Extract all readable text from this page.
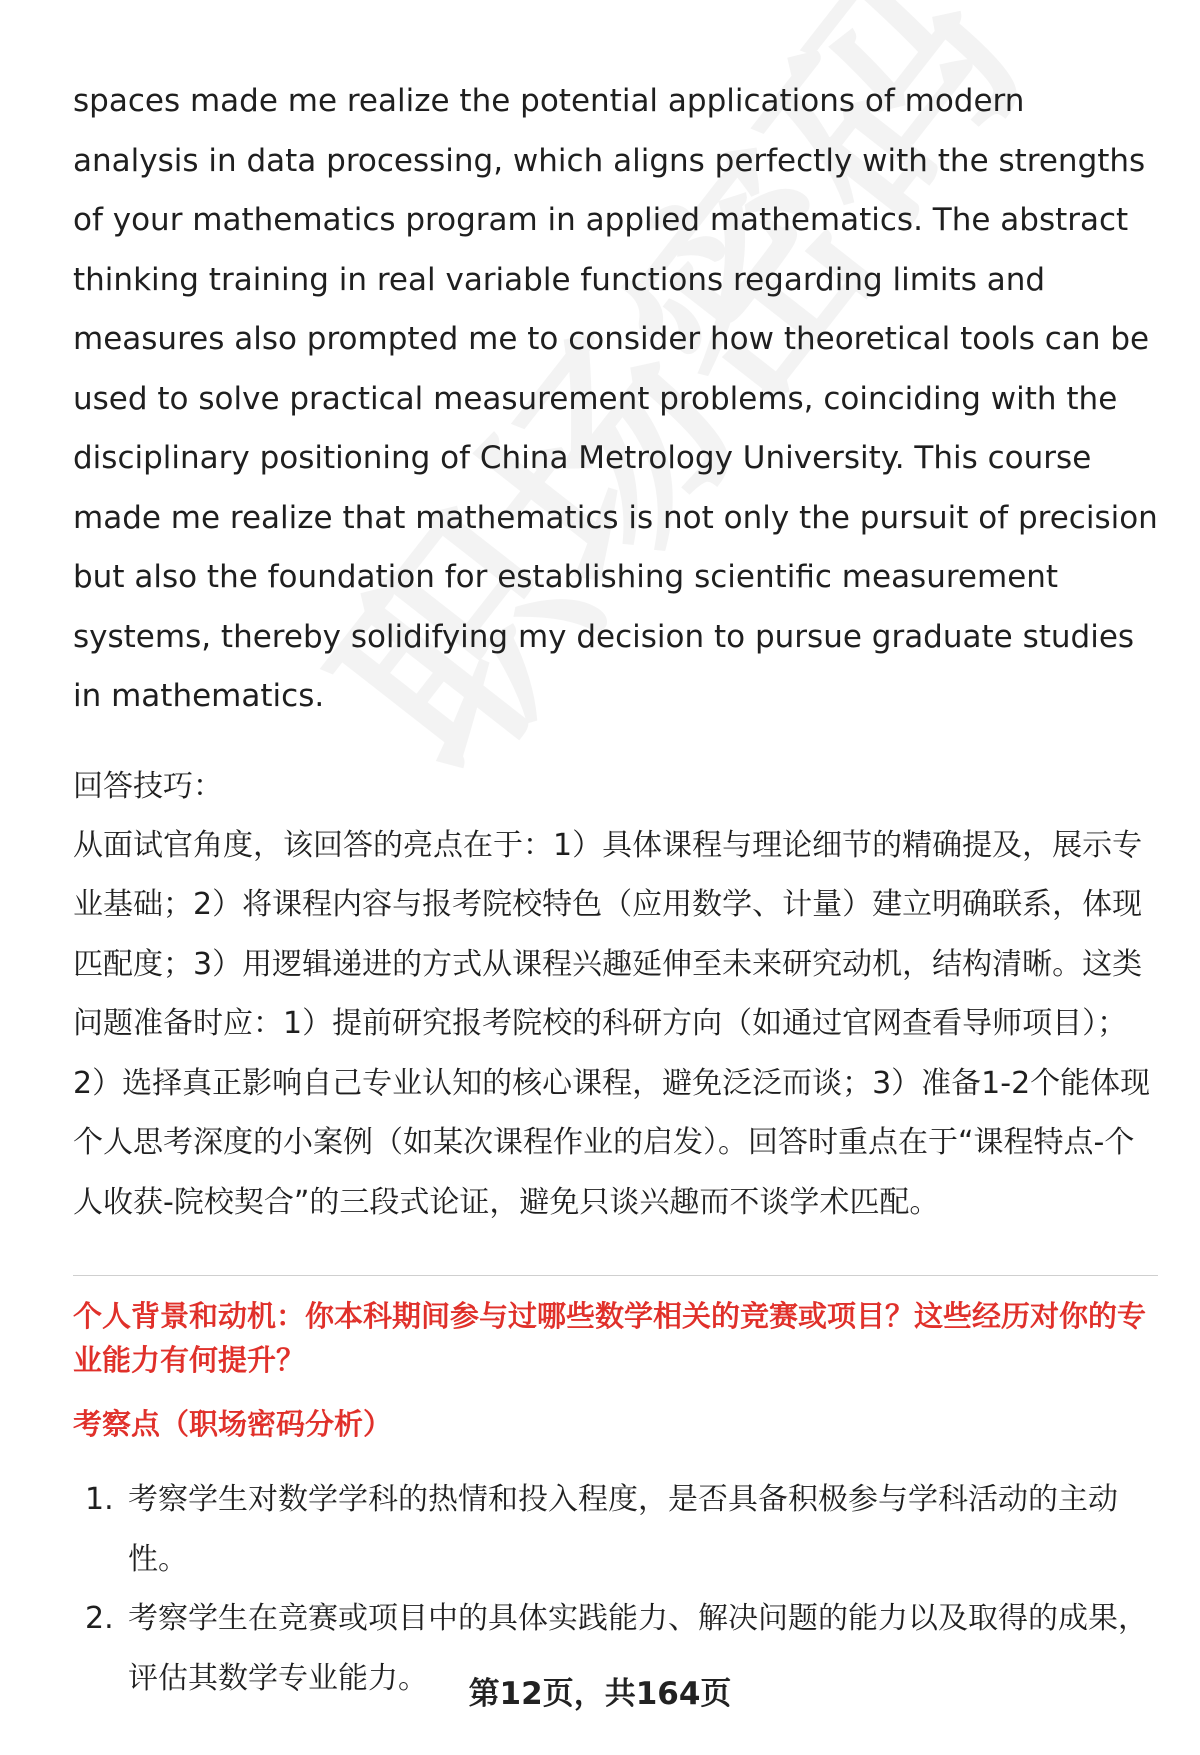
spaces made me realize the potential applications of modern analysis in data processing, which aligns perfectly with the strengths of your mathematics program in applied mathematics. The abstract thinking training in real variable functions regarding limits and measures also prompted me to consider how theoretical tools can be used to solve practical measurement problems, coinciding with the disciplinary positioning of China Metrology University. This course made me realize that mathematics is not only the pursuit of precision but also the foundation for establishing scientific measurement systems, thereby solidifying my decision to pursue graduate studies in mathematics.

回答技巧：

从面试官角度，该回答的亮点在于：1）具体课程与理论细节的精确提及，展示专业基础；2）将课程内容与报考院校特色（应用数学、计量）建立明确联系，体现匹配度；3）用逻辑递进的方式从课程兴趣延伸至未来研究动机，结构清晰。这类问题准备时应：1）提前研究报考院校的科研方向（如通过官网查看导师项目）；2）选择真正影响自己专业认知的核心课程，避免泛泛而谈；3）准备1-2个能体现个人思考深度的小案例（如某次课程作业的启发）。回答时重点在于“课程特点-个人收获-院校契合”的三段式论证，避免只谈兴趣而不谈学术匹配。

个人背景和动机：你本科期间参与过哪些数学相关的竞赛或项目？这些经历对你的专业能力有何提升？

考察点（职场密码分析）

1. 考察学生对数学学科的热情和投入程度，是否具备积极参与学科活动的主动性。
2. 考察学生在竞赛或项目中的具体实践能力、解决问题的能力以及取得的成果，评估其数学专业能力。	第12页，共164页
